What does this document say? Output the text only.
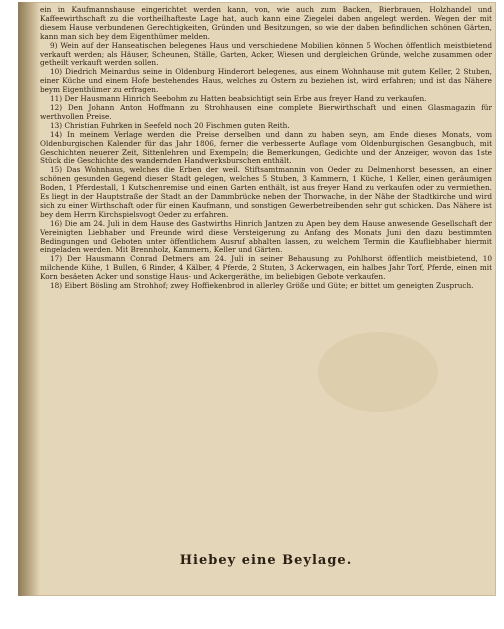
ein in Kaufmannshause eingerichtet werden kann, von, wie auch zum Backen, Bierbrauen, Holzhandel und Kaffeewirthschaft zu die vortheilhafteste Lage hat, auch kann eine Ziegelei daben angelegt werden. Wegen der mit diesem Hause verbundenen Gerechtigkeiten, Gründen und Besitzungen, so wie der daben befindlichen schönen Gärten, kann man sich bey dem Eigenthümer melden.

9) Wein auf der Hanseatischen belegenes Haus und verschiedene Mobilien können 5 Wochen öffentlich meistbietend verkauft werden; als Häuser, Scheunen, Ställe, Garten, Acker, Wiesen und dergleichen Gründe, welche zusammen oder getheilt verkauft werden sollen.

10) Diedrich Meinardus seine in Oldenburg Hinderort belegenes, aus einem Wohnhause mit gutem Keller, 2 Stuben, einer Küche und einem Hofe bestehendes Haus, welches zu Ostern zu beziehen ist, wird erfahren; und ist das Nähere beym Eigenthümer zu erfragen.

11) Der Hausmann Hinrich Seebohm zu Hatten beabsichtigt sein Erbe aus freyer Hand zu verkaufen.

12) Den Johann Anton Hoffmann zu Strohhausen eine complete Bierwirthschaft und einen Glasmagazin für werthvollen Preise.

13) Christian Fuhrken in Seefeld noch 20 Fischmen guten Reith.

14) In meinem Verlage werden die Preise derselben und dann zu haben seyn, am Ende dieses Monats, vom Oldenburgischen Kalender für das Jahr 1806, ferner die verbesserte Auflage vom Oldenburgischen Gesangbuch, mit Geschichten neuerer Zeit, Sittenlehren und Exempeln; die Bemerkungen, Gedichte und der Anzeiger, wovon das 1ste Stück die Geschichte des wandernden Handwerksburschen enthält.

15) Das Wohnhaus, welches die Erben der weil. Stiftsamtmannin von Oeder zu Delmenhorst besessen, an einer schönen gesunden Gegend dieser Stadt gelegen, welches 5 Stuben, 3 Kammern, 1 Küche, 1 Keller, einen geräumigen Boden, 1 Pferdestall, 1 Kutschenremise und einen Garten enthält, ist aus freyer Hand zu verkaufen oder zu vermiethen. Es liegt in der Hauptstraße der Stadt an der Dammbrücke neben der Thorwache, in der Nähe der Stadtkirche und wird sich zu einer Wirthschaft oder für einen Kaufmann, und sonstigen Gewerbetreibenden sehr gut schicken. Das Nähere ist bey dem Herrn Kirchspielsvogt Oeder zu erfahren.

16) Die am 24. Juli in dem Hause des Gastwirths Hinrich Jantzen zu Apen bey dem Hause anwesende Gesellschaft der Vereinigten Liebhaber und Freunde wird diese Versteigerung zu Anfang des Monats Juni den dazu bestimmten Bedingungen und Geboten unter öffentlichem Ausruf abhalten lassen, zu welchem Termin die Kaufliebhaber hiermit eingeladen werden. Mit Brennholz, Kammern, Keller und Gärten.

17) Der Hausmann Conrad Detmers am 24. Juli in seiner Behausung zu Pohlhorst öffentlich meistbietend, 10 milchende Kühe, 1 Bullen, 6 Rinder, 4 Kälber, 4 Pferde, 2 Stuten, 3 Ackerwagen, ein halbes Jahr Torf, Pferde, einen mit Korn besäeten Acker und sonstige Haus- und Ackergeräthe, im beliebigen Gebote verkaufen.

18) Eibert Bösling am Strohhof; zwey Hoffiekenbrod in allerley Größe und Güte; er bittet um geneigten Zuspruch.

Hiebey eine Beylage.
